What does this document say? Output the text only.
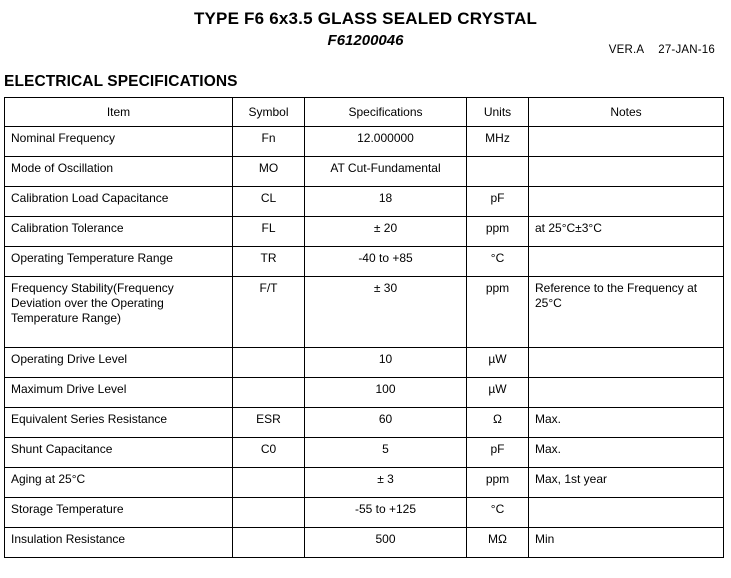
TYPE F6 6x3.5 GLASS SEALED CRYSTAL
F61200046
VER.A 27-JAN-16
ELECTRICAL SPECIFICATIONS
Item	Symbol	Specifications	Units	Notes
Nominal Frequency	Fn	12.000000	MHz	
Mode of Oscillation	MO	AT Cut-Fundamental		
Calibration Load Capacitance	CL	18	pF	
Calibration Tolerance	FL	± 20	ppm	at 25°C±3°C
Operating Temperature Range	TR	-40 to +85	°C	
Frequency Stability(Frequency Deviation over the Operating Temperature Range)	F/T	± 30	ppm	Reference to the Frequency at 25°C
Operating Drive Level		10	µW	
Maximum Drive Level		100	µW	
Equivalent Series Resistance	ESR	60	Ω	Max.
Shunt Capacitance	C0	5	pF	Max.
Aging at 25°C		± 3	ppm	Max, 1st year
Storage Temperature		-55 to +125	°C	
Insulation Resistance		500	MΩ	Min
